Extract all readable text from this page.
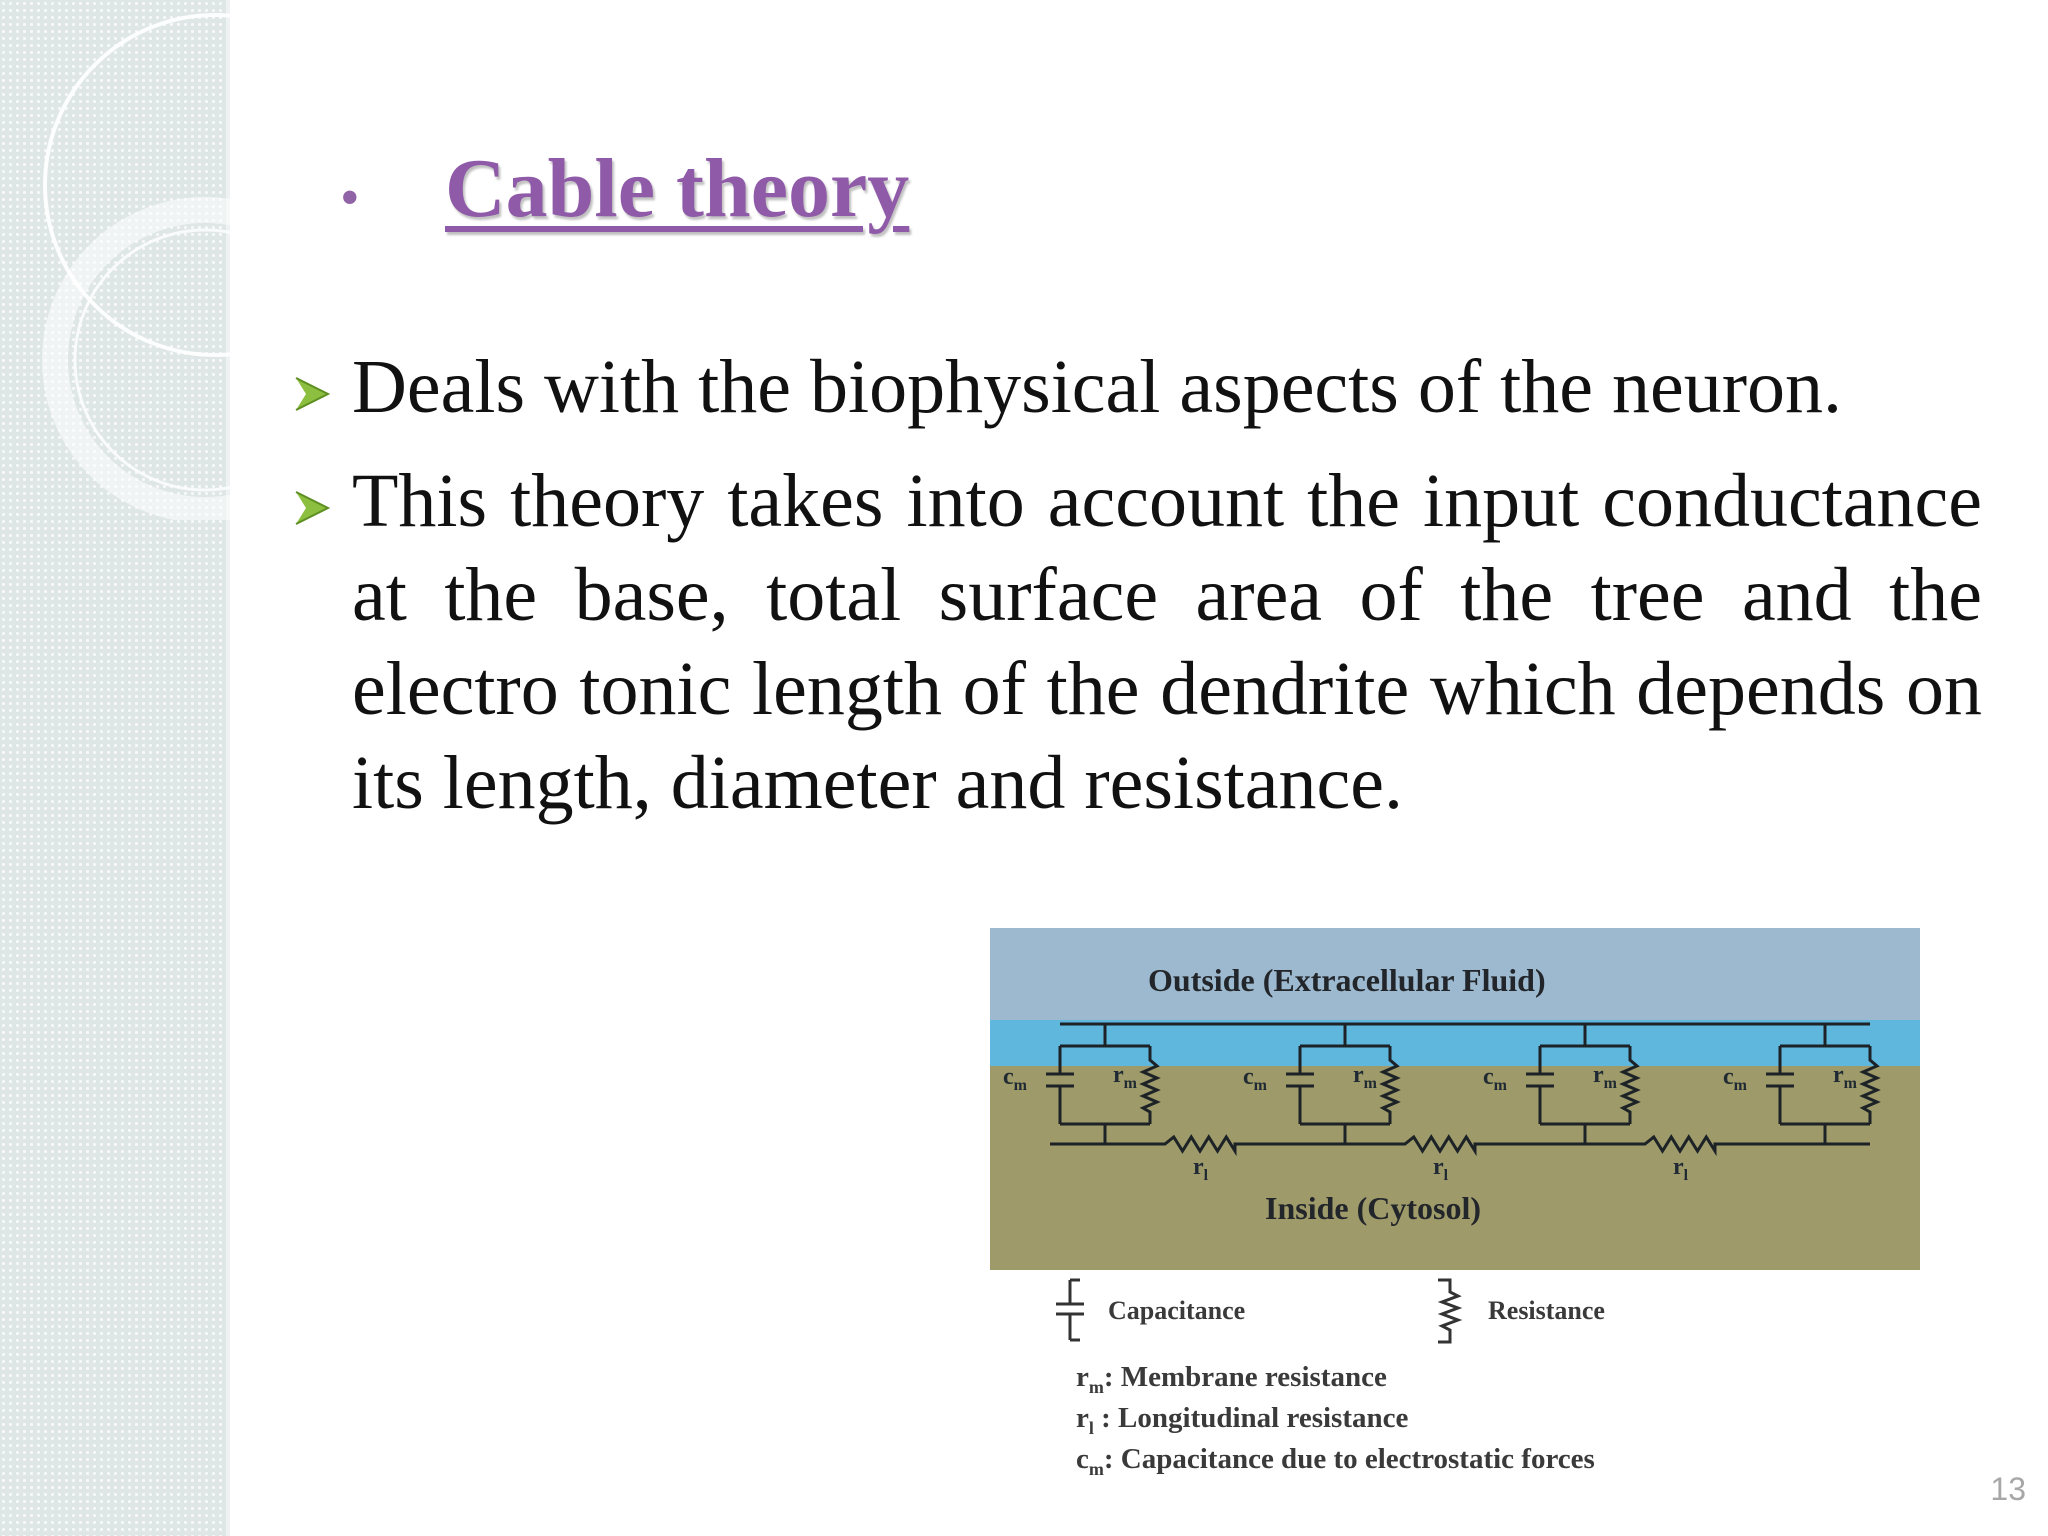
•	Cable theory
Deals with the biophysical aspects of the neuron.
This theory takes into account the input conductance at the base, total surface area of the tree and the electro tonic length of the dendrite which depends on its length, diameter and resistance.
Outside (Extracellular Fluid)
Inside (Cytosol)
$c_m$	$r_m$	$c_m$	$r_m$	$c_m$	$r_m$	$c_m$	$r_m$
$r_l$	$r_l$	$r_l$
Capacitance	Resistance
$r_m$: Membrane resistance
$r_l$ : Longitudinal resistance
$c_m$: Capacitance due to electrostatic forces
13
